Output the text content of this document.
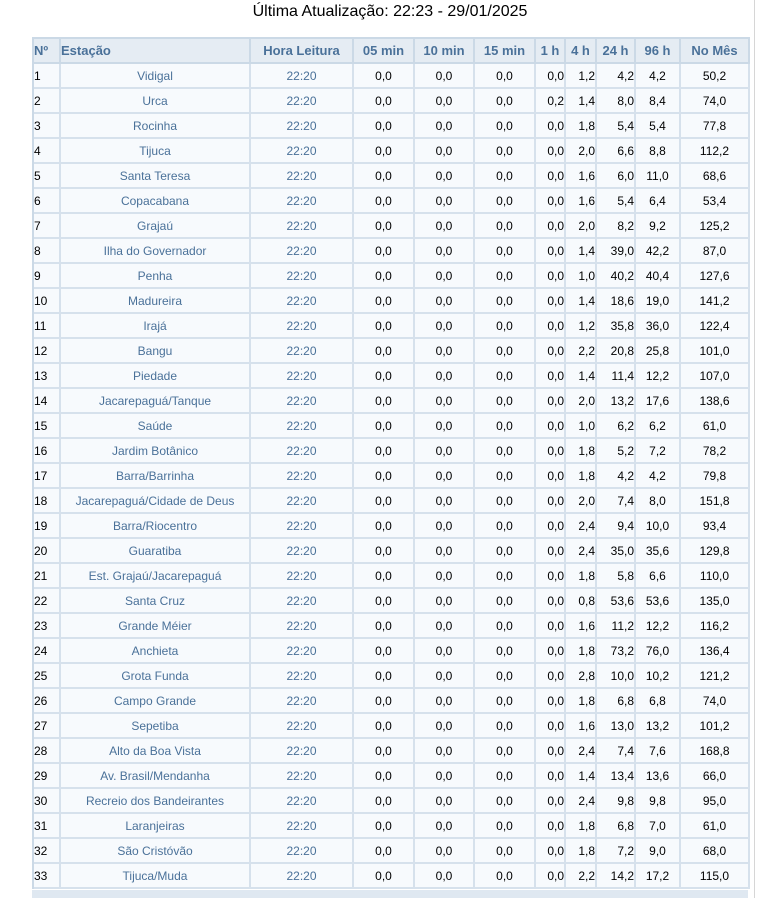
Última Atualização: 22:23 - 29/01/2025
Nº	Estação	Hora Leitura	05 min	10 min	15 min	1 h	4 h	24 h	96 h	No Mês
1	Vidigal	22:20	0,0	0,0	0,0	0,0	1,2	4,2	4,2	50,2
2	Urca	22:20	0,0	0,0	0,0	0,2	1,4	8,0	8,4	74,0
3	Rocinha	22:20	0,0	0,0	0,0	0,0	1,8	5,4	5,4	77,8
4	Tijuca	22:20	0,0	0,0	0,0	0,0	2,0	6,6	8,8	112,2
5	Santa Teresa	22:20	0,0	0,0	0,0	0,0	1,6	6,0	11,0	68,6
6	Copacabana	22:20	0,0	0,0	0,0	0,0	1,6	5,4	6,4	53,4
7	Grajaú	22:20	0,0	0,0	0,0	0,0	2,0	8,2	9,2	125,2
8	Ilha do Governador	22:20	0,0	0,0	0,0	0,0	1,4	39,0	42,2	87,0
9	Penha	22:20	0,0	0,0	0,0	0,0	1,0	40,2	40,4	127,6
10	Madureira	22:20	0,0	0,0	0,0	0,0	1,4	18,6	19,0	141,2
11	Irajá	22:20	0,0	0,0	0,0	0,0	1,2	35,8	36,0	122,4
12	Bangu	22:20	0,0	0,0	0,0	0,0	2,2	20,8	25,8	101,0
13	Piedade	22:20	0,0	0,0	0,0	0,0	1,4	11,4	12,2	107,0
14	Jacarepaguá/Tanque	22:20	0,0	0,0	0,0	0,0	2,0	13,2	17,6	138,6
15	Saúde	22:20	0,0	0,0	0,0	0,0	1,0	6,2	6,2	61,0
16	Jardim Botânico	22:20	0,0	0,0	0,0	0,0	1,8	5,2	7,2	78,2
17	Barra/Barrinha	22:20	0,0	0,0	0,0	0,0	1,8	4,2	4,2	79,8
18	Jacarepaguá/Cidade de Deus	22:20	0,0	0,0	0,0	0,0	2,0	7,4	8,0	151,8
19	Barra/Riocentro	22:20	0,0	0,0	0,0	0,0	2,4	9,4	10,0	93,4
20	Guaratiba	22:20	0,0	0,0	0,0	0,0	2,4	35,0	35,6	129,8
21	Est. Grajaú/Jacarepaguá	22:20	0,0	0,0	0,0	0,0	1,8	5,8	6,6	110,0
22	Santa Cruz	22:20	0,0	0,0	0,0	0,0	0,8	53,6	53,6	135,0
23	Grande Méier	22:20	0,0	0,0	0,0	0,0	1,6	11,2	12,2	116,2
24	Anchieta	22:20	0,0	0,0	0,0	0,0	1,8	73,2	76,0	136,4
25	Grota Funda	22:20	0,0	0,0	0,0	0,0	2,8	10,0	10,2	121,2
26	Campo Grande	22:20	0,0	0,0	0,0	0,0	1,8	6,8	6,8	74,0
27	Sepetiba	22:20	0,0	0,0	0,0	0,0	1,6	13,0	13,2	101,2
28	Alto da Boa Vista	22:20	0,0	0,0	0,0	0,0	2,4	7,4	7,6	168,8
29	Av. Brasil/Mendanha	22:20	0,0	0,0	0,0	0,0	1,4	13,4	13,6	66,0
30	Recreio dos Bandeirantes	22:20	0,0	0,0	0,0	0,0	2,4	9,8	9,8	95,0
31	Laranjeiras	22:20	0,0	0,0	0,0	0,0	1,8	6,8	7,0	61,0
32	São Cristóvão	22:20	0,0	0,0	0,0	0,0	1,8	7,2	9,0	68,0
33	Tijuca/Muda	22:20	0,0	0,0	0,0	0,0	2,2	14,2	17,2	115,0
